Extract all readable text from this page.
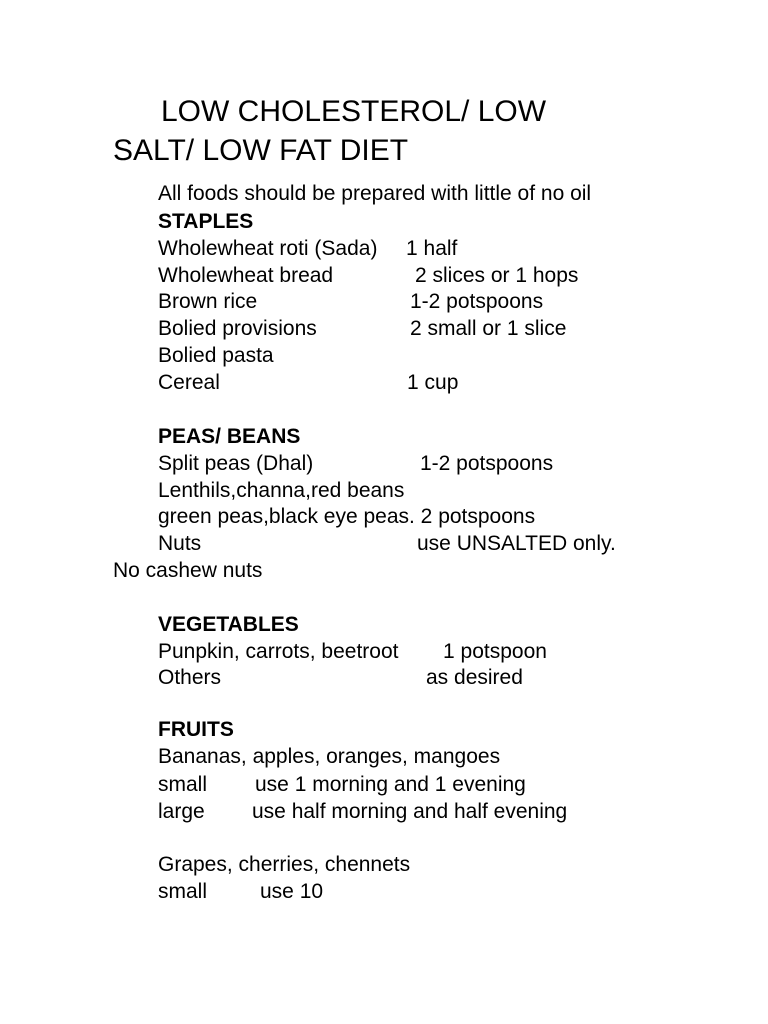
LOW CHOLESTEROL/ LOW
SALT/ LOW FAT DIET
All foods should be prepared with little of no oil
STAPLES
Wholewheat roti (Sada) 1 half
Wholewheat bread	2 slices or 1 hops
Brown rice	1-2 potspoons
Bolied provisions	2 small or 1 slice
Bolied pasta
Cereal	1 cup
PEAS/ BEANS
Split peas (Dhal)	1-2 potspoons
Lenthils,channa,red beans
green peas,black eye peas. 2 potspoons
Nuts	use UNSALTED only.
No cashew nuts
VEGETABLES
Punpkin, carrots, beetroot 1 potspoon
Others	as desired
FRUITS
Bananas, apples, oranges, mangoes
small use 1 morning and 1 evening
large use half morning and half evening
Grapes, cherries, chennets
small	use 10
